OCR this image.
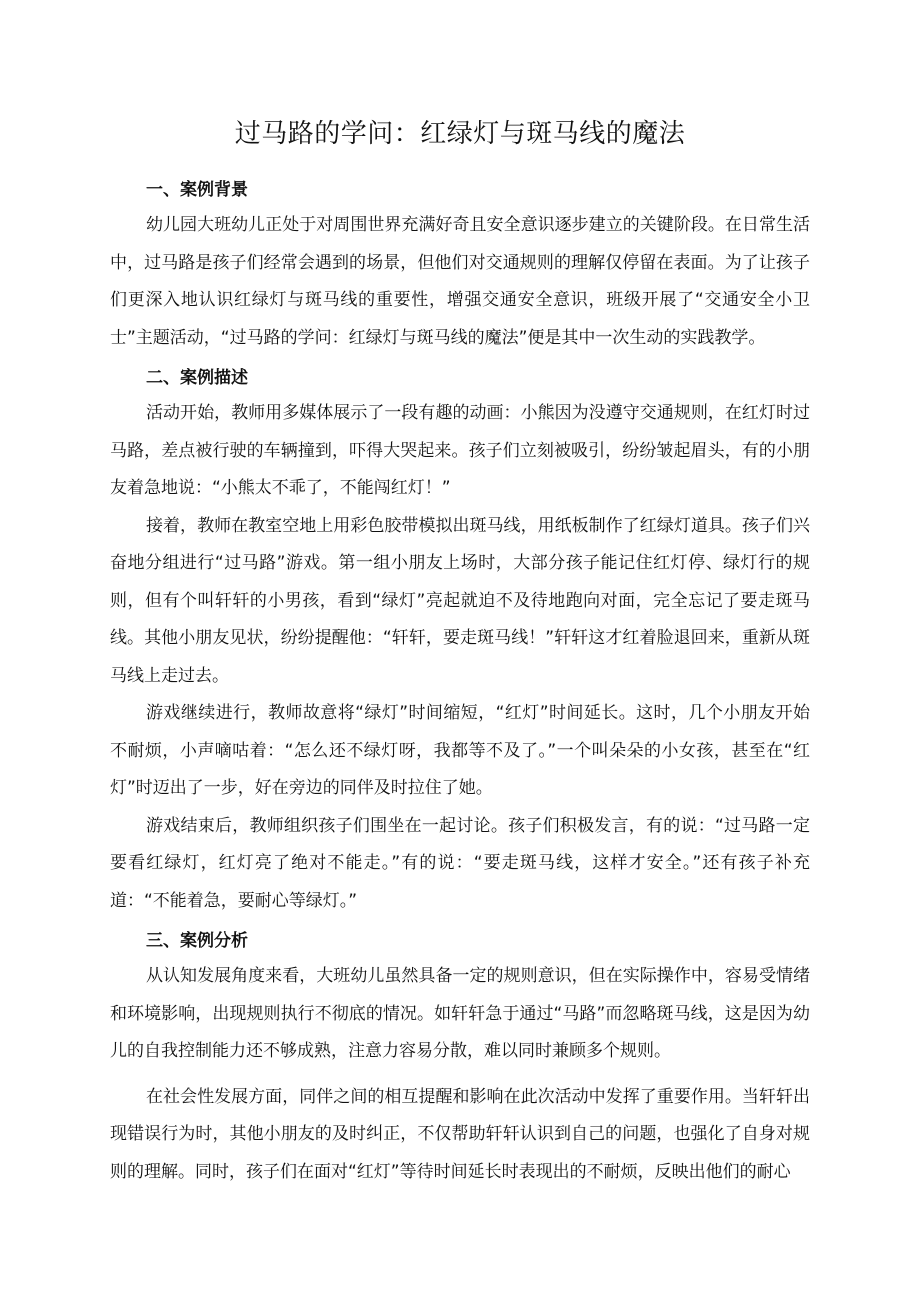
过马路的学问：红绿灯与斑马线的魔法
一、案例背景

幼儿园大班幼儿正处于对周围世界充满好奇且安全意识逐步建立的关键阶段。在日常生活中，过马路是孩子们经常会遇到的场景，但他们对交通规则的理解仅停留在表面。为了让孩子们更深入地认识红绿灯与斑马线的重要性，增强交通安全意识，班级开展了“交通安全小卫士”主题活动，“过马路的学问：红绿灯与斑马线的魔法”便是其中一次生动的实践教学。

二、案例描述

活动开始，教师用多媒体展示了一段有趣的动画：小熊因为没遵守交通规则，在红灯时过马路，差点被行驶的车辆撞到，吓得大哭起来。孩子们立刻被吸引，纷纷皱起眉头，有的小朋友着急地说：“小熊太不乖了，不能闯红灯！”

接着，教师在教室空地上用彩色胶带模拟出斑马线，用纸板制作了红绿灯道具。孩子们兴奋地分组进行“过马路”游戏。第一组小朋友上场时，大部分孩子能记住红灯停、绿灯行的规则，但有个叫轩轩的小男孩，看到“绿灯”亮起就迫不及待地跑向对面，完全忘记了要走斑马线。其他小朋友见状，纷纷提醒他：“轩轩，要走斑马线！”轩轩这才红着脸退回来，重新从斑马线上走过去。

游戏继续进行，教师故意将“绿灯”时间缩短，“红灯”时间延长。这时，几个小朋友开始不耐烦，小声嘀咕着：“怎么还不绿灯呀，我都等不及了。”一个叫朵朵的小女孩，甚至在“红灯”时迈出了一步，好在旁边的同伴及时拉住了她。

游戏结束后，教师组织孩子们围坐在一起讨论。孩子们积极发言，有的说：“过马路一定要看红绿灯，红灯亮了绝对不能走。”有的说：“要走斑马线，这样才安全。”还有孩子补充道：“不能着急，要耐心等绿灯。”

三、案例分析

从认知发展角度来看，大班幼儿虽然具备一定的规则意识，但在实际操作中，容易受情绪和环境影响，出现规则执行不彻底的情况。如轩轩急于通过“马路”而忽略斑马线，这是因为幼儿的自我控制能力还不够成熟，注意力容易分散，难以同时兼顾多个规则。

在社会性发展方面，同伴之间的相互提醒和影响在此次活动中发挥了重要作用。当轩轩出现错误行为时，其他小朋友的及时纠正，不仅帮助轩轩认识到自己的问题，也强化了自身对规则的理解。同时，孩子们在面对“红灯”等待时间延长时表现出的不耐烦，反映出他们的耐心
